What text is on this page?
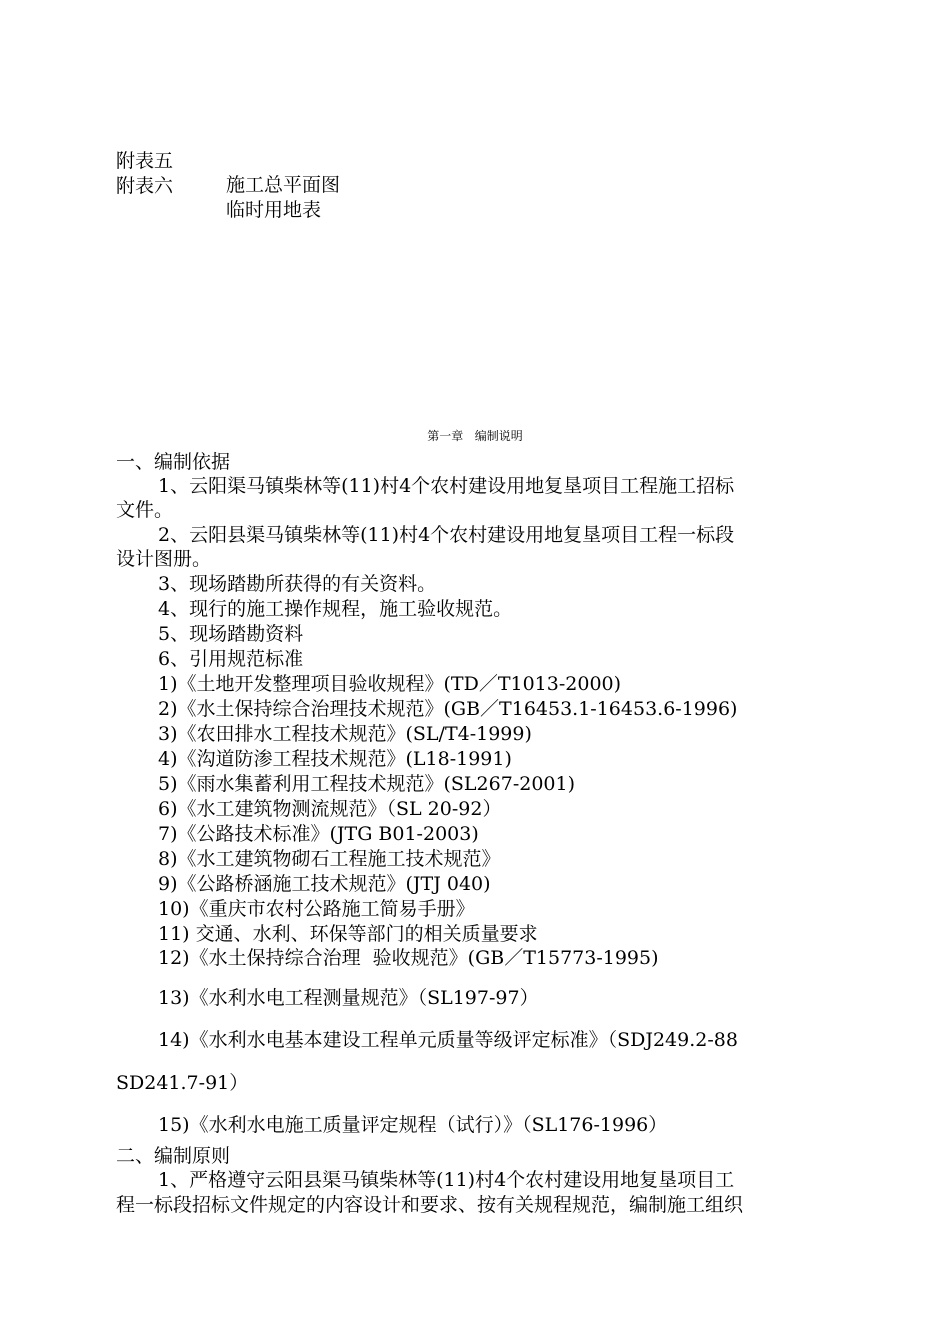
附表五

施工总平面图

附表六

临时用地表

第一章   编制说明
一、编制依据
1、云阳渠马镇柴林等(11)村4个农村建设用地复垦项目工程施工招标
文件。
2、云阳县渠马镇柴林等(11)村4个农村建设用地复垦项目工程一标段
设计图册。
3、现场踏勘所获得的有关资料。
4、现行的施工操作规程，施工验收规范。
5、现场踏勘资料
6、引用规范标准
1)《土地开发整理项目验收规程》(TD／T1013-2000)
2)《水土保持综合治理技术规范》(GB／T16453.1-16453.6-1996)
3)《农田排水工程技术规范》(SL/T4-1999)
4)《沟道防渗工程技术规范》(L18-1991)
5)《雨水集蓄利用工程技术规范》(SL267-2001)
6)《水工建筑物测流规范》（SL 20-92）
7)《公路技术标准》(JTG B01-2003)
8)《水工建筑物砌石工程施工技术规范》
9)《公路桥涵施工技术规范》(JTJ 040)
10)《重庆市农村公路施工简易手册》
11) 交通、水利、环保等部门的相关质量要求
12)《水土保持综合治理  验收规范》(GB／T15773-1995)
13)《水利水电工程测量规范》（SL197-97）
14)《水利水电基本建设工程单元质量等级评定标准》（SDJ249.2-88
SD241.7-91）
15)《水利水电施工质量评定规程（试行）》（SL176-1996）
二、编制原则
1、严格遵守云阳县渠马镇柴林等(11)村4个农村建设用地复垦项目工
程一标段招标文件规定的内容设计和要求、按有关规程规范，编制施工组织
